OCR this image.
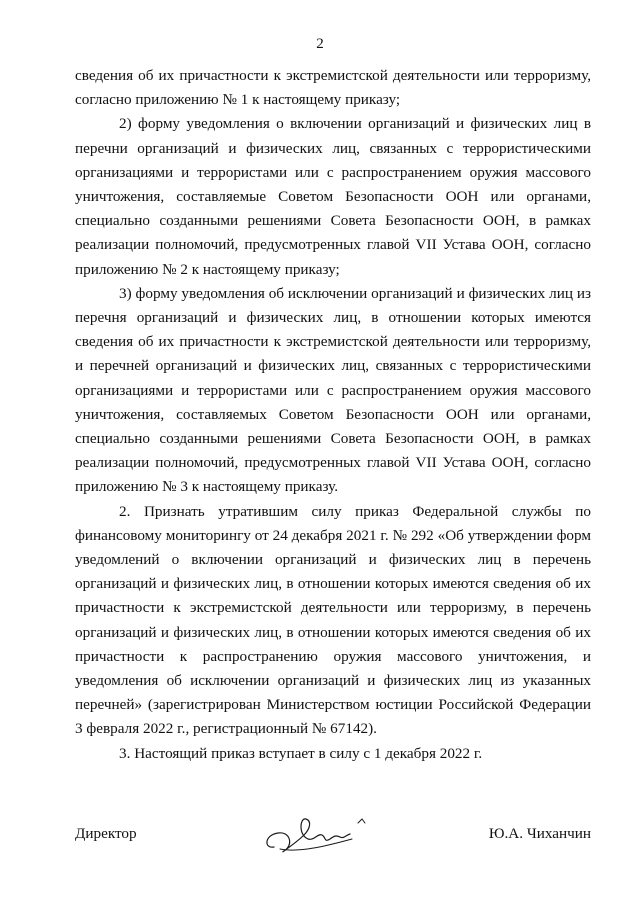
2

сведения об их причастности к экстремистской деятельности или терроризму, согласно приложению № 1 к настоящему приказу;

2) форму уведомления о включении организаций и физических лиц в перечни организаций и физических лиц, связанных с террористическими организациями и террористами или с распространением оружия массового уничтожения, составляемые Советом Безопасности ООН или органами, специально созданными решениями Совета Безопасности ООН, в рамках реализации полномочий, предусмотренных главой VII Устава ООН, согласно приложению № 2 к настоящему приказу;

3) форму уведомления об исключении организаций и физических лиц из перечня организаций и физических лиц, в отношении которых имеются сведения об их причастности к экстремистской деятельности или терроризму, и перечней организаций и физических лиц, связанных с террористическими организациями и террористами или с распространением оружия массового уничтожения, составляемых Советом Безопасности ООН или органами, специально созданными решениями Совета Безопасности ООН, в рамках реализации полномочий, предусмотренных главой VII Устава ООН, согласно приложению № 3 к настоящему приказу.

2. Признать утратившим силу приказ Федеральной службы по финансовому мониторингу от 24 декабря 2021 г. № 292 «Об утверждении форм уведомлений о включении организаций и физических лиц в перечень организаций и физических лиц, в отношении которых имеются сведения об их причастности к экстремистской деятельности или терроризму, в перечень организаций и физических лиц, в отношении которых имеются сведения об их причастности к распространению оружия массового уничтожения, и уведомления об исключении организаций и физических лиц из указанных перечней» (зарегистрирован Министерством юстиции Российской Федерации 3 февраля 2022 г., регистрационный № 67142).

3. Настоящий приказ вступает в силу с 1 декабря 2022 г.

Директор	Ю.А. Чиханчин
